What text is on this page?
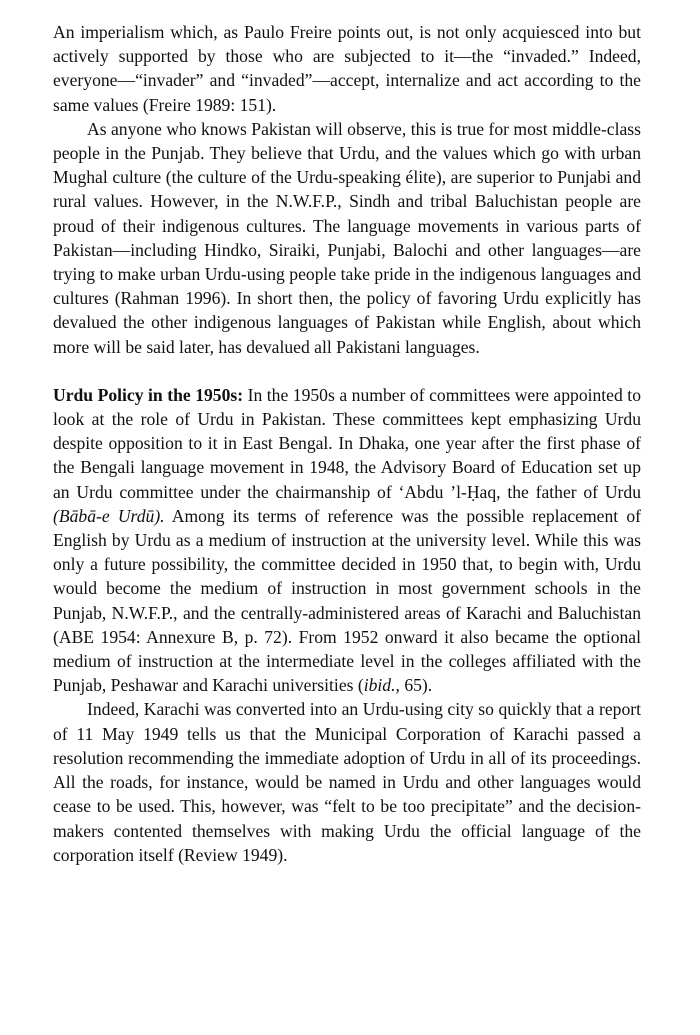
An imperialism which, as Paulo Freire points out, is not only acquiesced into but actively supported by those who are subjected to it—the “invaded.” Indeed, everyone—“invader” and “invaded”—accept, internalize and act according to the same values (Freire 1989: 151).

As anyone who knows Pakistan will observe, this is true for most middle-class people in the Punjab. They believe that Urdu, and the values which go with urban Mughal culture (the culture of the Urdu-speaking élite), are superior to Punjabi and rural values. However, in the N.W.F.P., Sindh and tribal Baluchistan people are proud of their indigenous cultures. The language movements in various parts of Pakistan—including Hindko, Siraiki, Punjabi, Balochi and other languages—are trying to make urban Urdu-using people take pride in the indigenous languages and cultures (Rahman 1996). In short then, the policy of favoring Urdu explicitly has devalued the other indigenous languages of Pakistan while English, about which more will be said later, has devalued all Pakistani languages.

Urdu Policy in the 1950s: In the 1950s a number of committees were appointed to look at the role of Urdu in Pakistan. These committees kept emphasizing Urdu despite opposition to it in East Bengal. In Dhaka, one year after the first phase of the Bengali language movement in 1948, the Advisory Board of Education set up an Urdu committee under the chairmanship of ‘Abdu ’l-Ḥaq, the father of Urdu (Bābā-e Urdū). Among its terms of reference was the possible replacement of English by Urdu as a medium of instruction at the university level. While this was only a future possibility, the committee decided in 1950 that, to begin with, Urdu would become the medium of instruction in most government schools in the Punjab, N.W.F.P., and the centrally-administered areas of Karachi and Baluchistan (ABE 1954: Annexure B, p. 72). From 1952 onward it also became the optional medium of instruction at the intermediate level in the colleges affiliated with the Punjab, Peshawar and Karachi universities (ibid., 65).

Indeed, Karachi was converted into an Urdu-using city so quickly that a report of 11 May 1949 tells us that the Municipal Corporation of Karachi passed a resolution recommending the immediate adoption of Urdu in all of its proceedings. All the roads, for instance, would be named in Urdu and other languages would cease to be used. This, however, was “felt to be too precipitate” and the decision-makers contented themselves with making Urdu the official language of the corporation itself (Review 1949).
